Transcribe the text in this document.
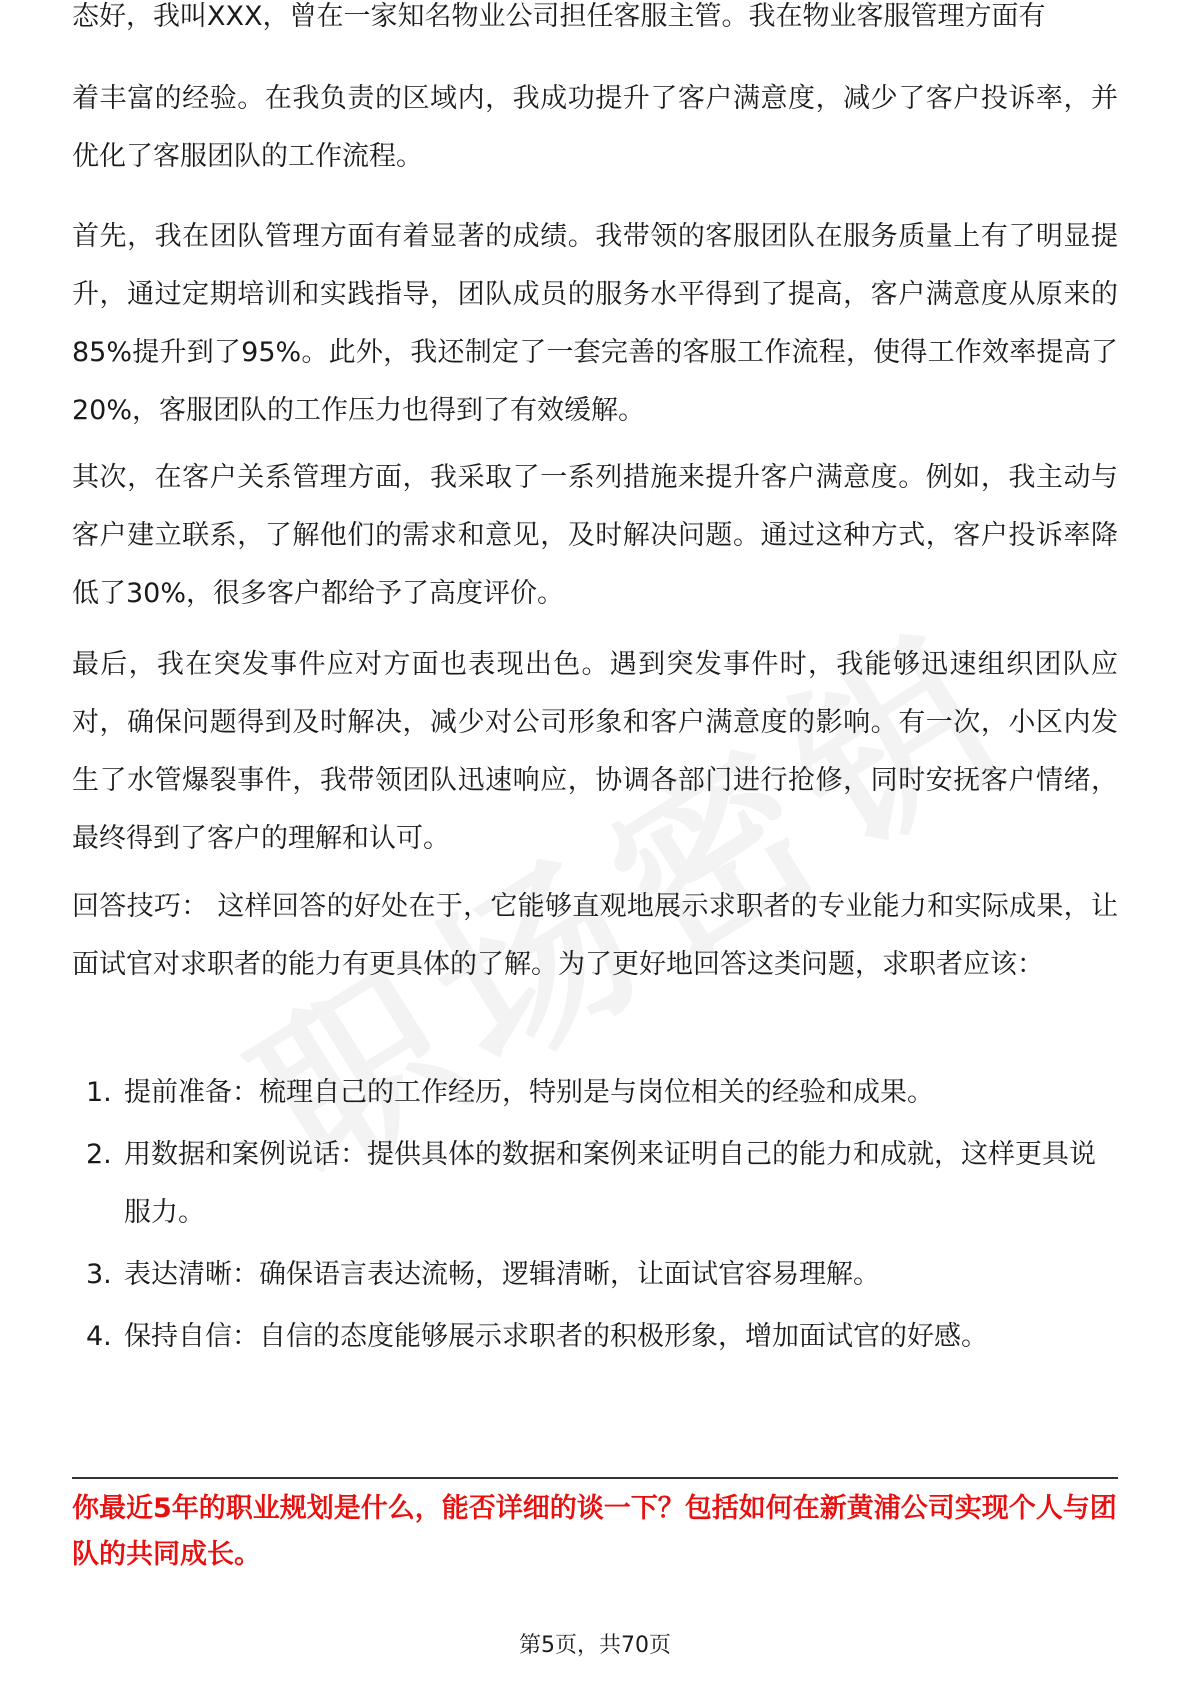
态好，我叫XXX，曾在一家知名物业公司担任客服主管。我在物业客服管理方面有

着丰富的经验。在我负责的区域内，我成功提升了客户满意度，减少了客户投诉率，并优化了客服团队的工作流程。

首先，我在团队管理方面有着显著的成绩。我带领的客服团队在服务质量上有了明显提升，通过定期培训和实践指导，团队成员的服务水平得到了提高，客户满意度从原来的85%提升到了95%。此外，我还制定了一套完善的客服工作流程，使得工作效率提高了20%，客服团队的工作压力也得到了有效缓解。

其次，在客户关系管理方面，我采取了一系列措施来提升客户满意度。例如，我主动与客户建立联系，了解他们的需求和意见，及时解决问题。通过这种方式，客户投诉率降低了30%，很多客户都给予了高度评价。

最后，我在突发事件应对方面也表现出色。遇到突发事件时，我能够迅速组织团队应对，确保问题得到及时解决，减少对公司形象和客户满意度的影响。有一次，小区内发生了水管爆裂事件，我带领团队迅速响应，协调各部门进行抢修，同时安抚客户情绪，最终得到了客户的理解和认可。

回答技巧： 这样回答的好处在于，它能够直观地展示求职者的专业能力和实际成果，让面试官对求职者的能力有更具体的了解。为了更好地回答这类问题，求职者应该：

1. 提前准备：梳理自己的工作经历，特别是与岗位相关的经验和成果。
2. 用数据和案例说话：提供具体的数据和案例来证明自己的能力和成就，这样更具说服力。
3. 表达清晰：确保语言表达流畅，逻辑清晰，让面试官容易理解。
4. 保持自信：自信的态度能够展示求职者的积极形象，增加面试官的好感。

你最近5年的职业规划是什么，能否详细的谈一下？包括如何在新黄浦公司实现个人与团队的共同成长。

第5页，共70页
